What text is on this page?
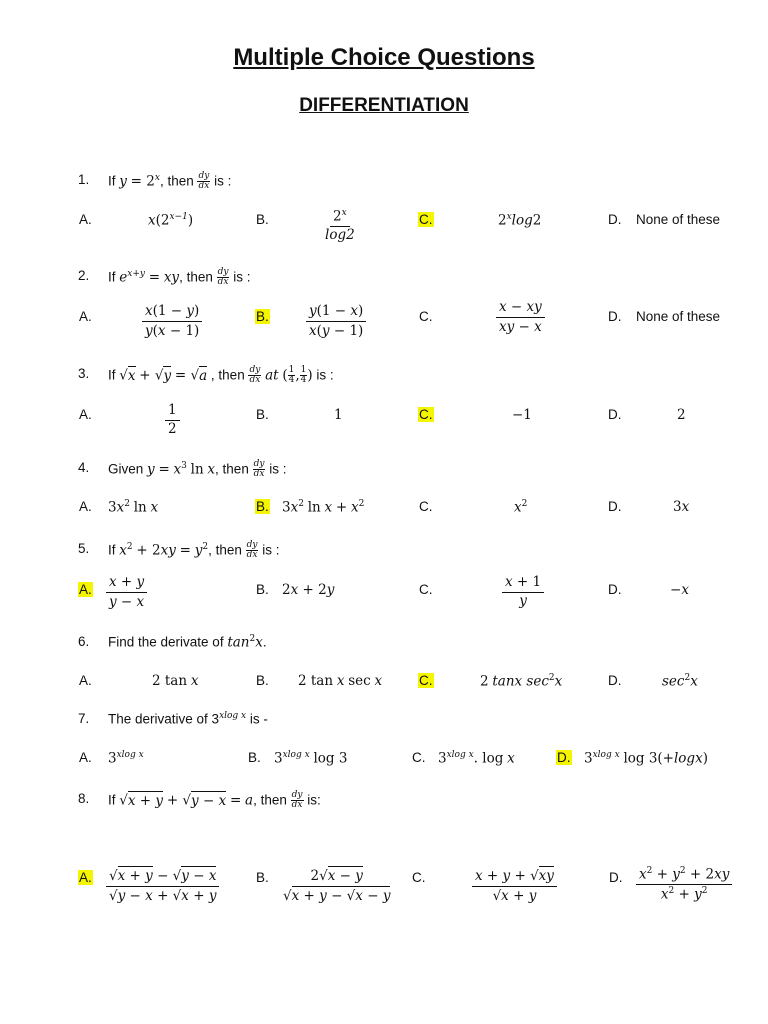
Multiple Choice Questions
DIFFERENTIATION
1. If $y = 2^x$, then $\frac{dy}{dx}$ is :
A.	$x(2^{x-1})$	B.	$\frac{2^x}{\log 2}$	C.	2$^x$log2	D. None of these
2. If $e^{x+y}$ = xy, then $\frac{dy}{dx}$ is :
A.	$\frac{x(1 - y)}{y(x - 1)}$	B.	$\frac{y(1 - x)}{x(y - 1)}$	C.	$\frac{x - xy}{xy - x}$	D. None of these
3. If √x + √y = √a , then $\frac{dy}{dx}$ at ( $\frac{1}{4}$ , $\frac{1}{4}$ ) is :
A.	$\frac{1}{2}$	B.	1	C.	−1	D.	2
4. Given $y = x^3$ ln x, then $\frac{dy}{dx}$ is :
A. $3x^2$ ln x	B. $3x^2$ $\ln x + x^2$	C.	$x^2$	D.	3x
5. If $x^2 + 2xy = y^2$, then $\frac{dy}{dx}$ is :
A. $\frac{x + y}{y - x}$	B. 2x + 2y	C.	$\frac{x + 1}{y}$	D.	−x
6. Find the derivate of $\tan^2x$.
A.	2 tan x	B. 2 tan x sec x	C.	2 tanx $\sec^2x$	D.	$\sec^2x$
7. The derivative of $3^{xlog x}$ is -
A. $3^{xlog x}$	B. $3^{xlog x}$ log 3	C. $3^{xlog x}$. log x	D. $3^{xlog x}$ log 3(+logx)
8. If √x + y + √y − x = a, then $\frac{dy}{dx}$ is:
A. $\frac{√x + y - √y - x}{√y - x + √x + y}$	B. $\frac{2√x - y}{√x + y - √x - y} C$.	$\frac{x + y + √xy}{√x + y}$	D. $\frac{x^2 + y^2 + 2xy}{x^2 + y^2}$
